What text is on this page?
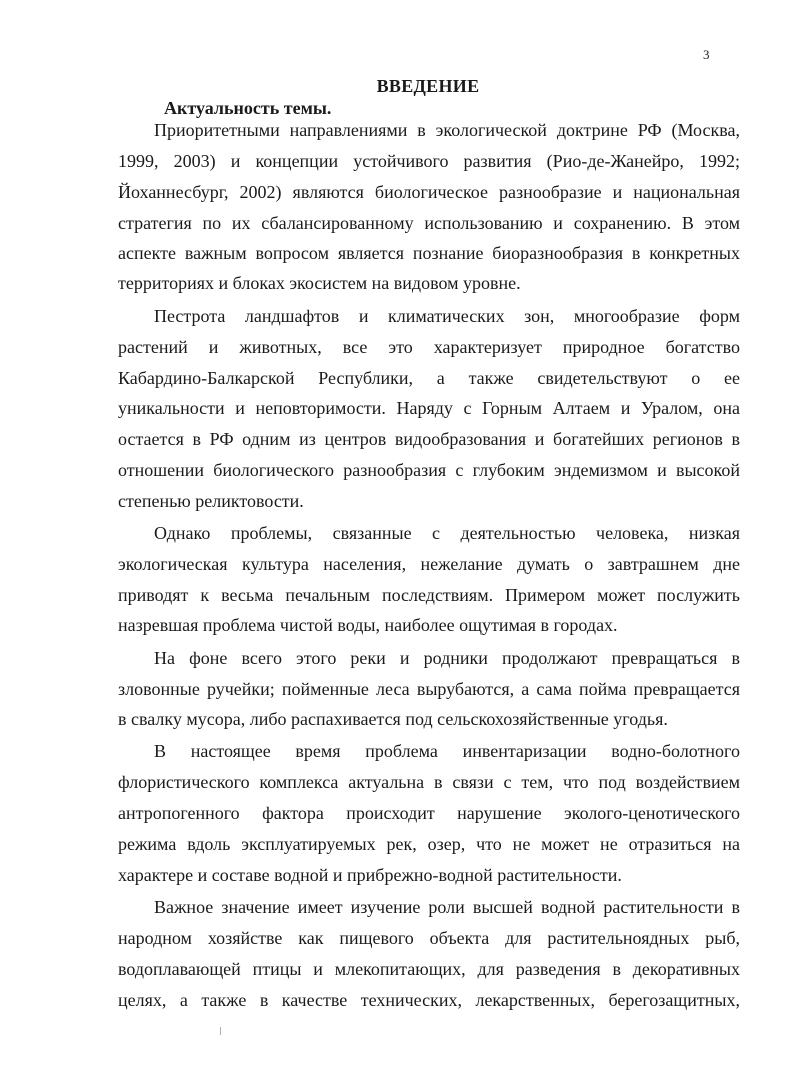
3
ВВЕДЕНИЕ
Актуальность темы.
Приоритетными направлениями в экологической доктрине РФ (Москва,
1999, 2003) и концепции устойчивого развития (Рио-де-Жанейро, 1992;
Йоханнесбург, 2002) являются биологическое разнообразие и национальная
стратегия по их сбалансированному использованию и сохранению. В этом
аспекте важным вопросом является познание биоразнообразия в конкретных
территориях и блоках экосистем на видовом уровне.
Пестрота ландшафтов и климатических зон, многообразие форм
растений и животных, все это характеризует природное богатство
Кабардино-Балкарской Республики, а также свидетельствуют о ее
уникальности и неповторимости. Наряду с Горным Алтаем и Уралом, она
остается в РФ одним из центров видообразования и богатейших регионов в
отношении биологического разнообразия с глубоким эндемизмом и высокой
степенью реликтовости.
Однако проблемы, связанные с деятельностью человека, низкая
экологическая культура населения, нежелание думать о завтрашнем дне
приводят к весьма печальным последствиям. Примером может послужить
назревшая проблема чистой воды, наиболее ощутимая в городах.
На фоне всего этого реки и родники продолжают превращаться в
зловонные ручейки; пойменные леса вырубаются, а сама пойма превращается
в свалку мусора, либо распахивается под сельскохозяйственные угодья.
В настоящее время проблема инвентаризации водно-болотного
флористического комплекса актуальна в связи с тем, что под воздействием
антропогенного фактора происходит нарушение эколого-ценотического
режима вдоль эксплуатируемых рек, озер, что не может не отразиться на
характере и составе водной и прибрежно-водной растительности.
Важное значение имеет изучение роли высшей водной растительности в
народном хозяйстве как пищевого объекта для растительноядных рыб,
водоплавающей птицы и млекопитающих, для разведения в декоративных
целях, а также в качестве технических, лекарственных, берегозащитных,
